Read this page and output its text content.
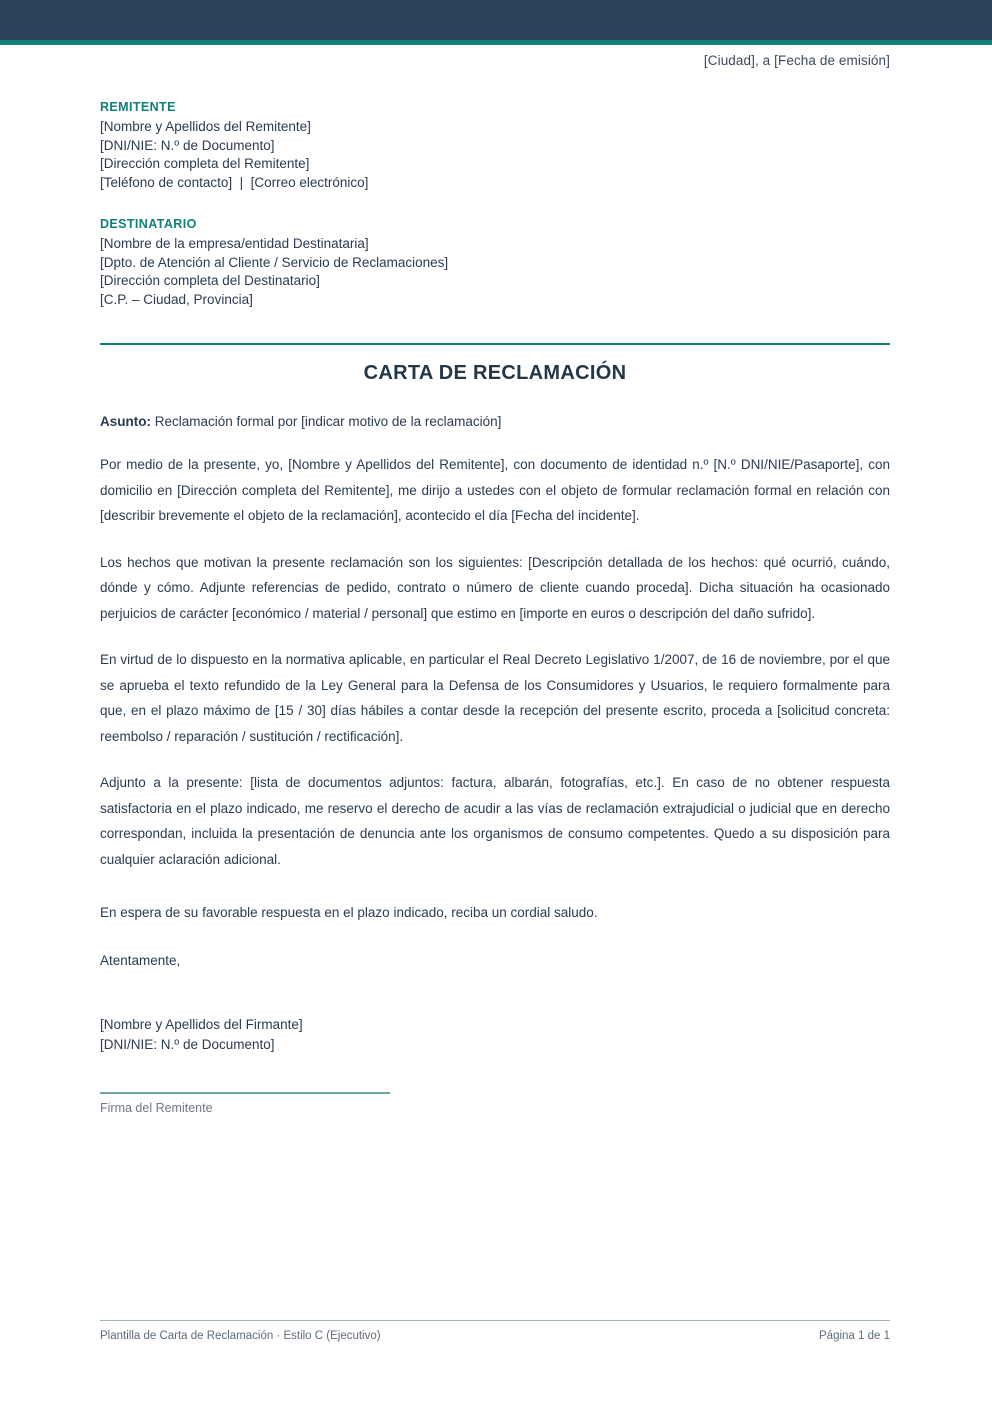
[Ciudad], a [Fecha de emisión]
REMITENTE
[Nombre y Apellidos del Remitente]
[DNI/NIE: N.º de Documento]
[Dirección completa del Remitente]
[Teléfono de contacto]  |  [Correo electrónico]
DESTINATARIO
[Nombre de la empresa/entidad Destinataria]
[Dpto. de Atención al Cliente / Servicio de Reclamaciones]
[Dirección completa del Destinatario]
[C.P. – Ciudad, Provincia]
CARTA DE RECLAMACIÓN
Asunto: Reclamación formal por [indicar motivo de la reclamación]

Por medio de la presente, yo, [Nombre y Apellidos del Remitente], con documento de identidad n.º [N.º DNI/NIE/Pasaporte], con domicilio en [Dirección completa del Remitente], me dirijo a ustedes con el objeto de formular reclamación formal en relación con [describir brevemente el objeto de la reclamación], acontecido el día [Fecha del incidente].

Los hechos que motivan la presente reclamación son los siguientes: [Descripción detallada de los hechos: qué ocurrió, cuándo, dónde y cómo. Adjunte referencias de pedido, contrato o número de cliente cuando proceda]. Dicha situación ha ocasionado perjuicios de carácter [económico / material / personal] que estimo en [importe en euros o descripción del daño sufrido].

En virtud de lo dispuesto en la normativa aplicable, en particular el Real Decreto Legislativo 1/2007, de 16 de noviembre, por el que se aprueba el texto refundido de la Ley General para la Defensa de los Consumidores y Usuarios, le requiero formalmente para que, en el plazo máximo de [15 / 30] días hábiles a contar desde la recepción del presente escrito, proceda a [solicitud concreta: reembolso / reparación / sustitución / rectificación].

Adjunto a la presente: [lista de documentos adjuntos: factura, albarán, fotografías, etc.]. En caso de no obtener respuesta satisfactoria en el plazo indicado, me reservo el derecho de acudir a las vías de reclamación extrajudicial o judicial que en derecho correspondan, incluida la presentación de denuncia ante los organismos de consumo competentes. Quedo a su disposición para cualquier aclaración adicional.

En espera de su favorable respuesta en el plazo indicado, reciba un cordial saludo.

Atentamente,

[Nombre y Apellidos del Firmante]
[DNI/NIE: N.º de Documento]
Firma del Remitente
Plantilla de Carta de Reclamación · Estilo C (Ejecutivo)	Página 1 de 1
